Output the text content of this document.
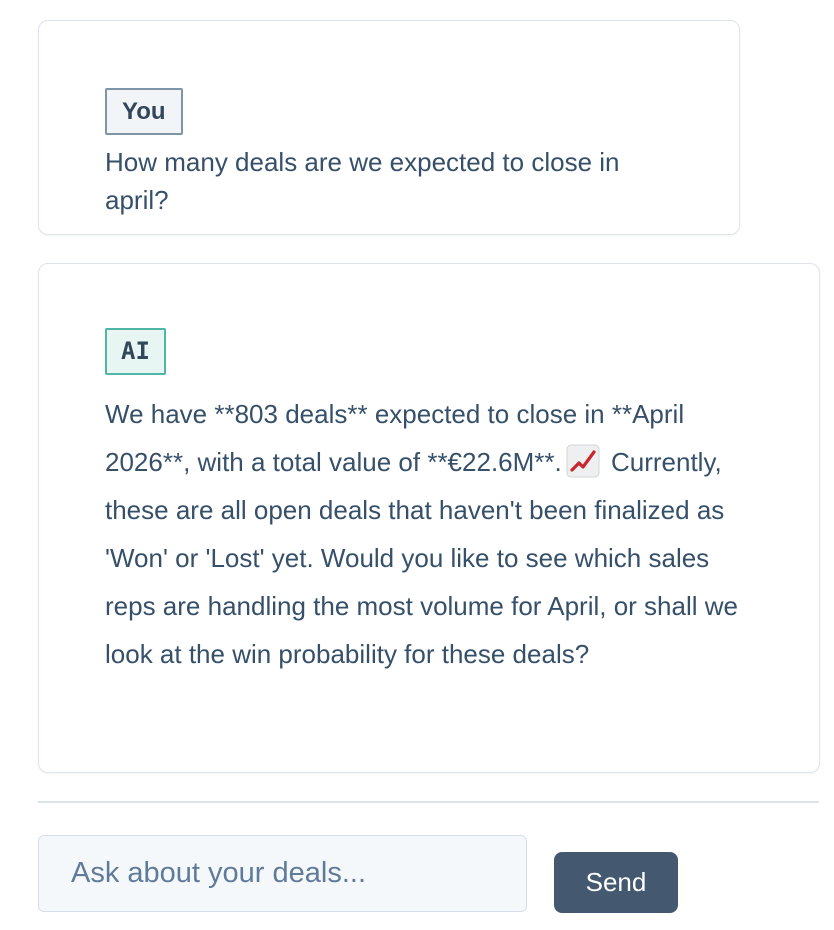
You

How many deals are we expected to close in april?

AI

We have **803 deals** expected to close in **April 2026**, with a total value of **€22.6M**. Currently, these are all open deals that haven't been finalized as 'Won' or 'Lost' yet. Would you like to see which sales reps are handling the most volume for April, or shall we look at the win probability for these deals?

Ask about your deals...
Send
